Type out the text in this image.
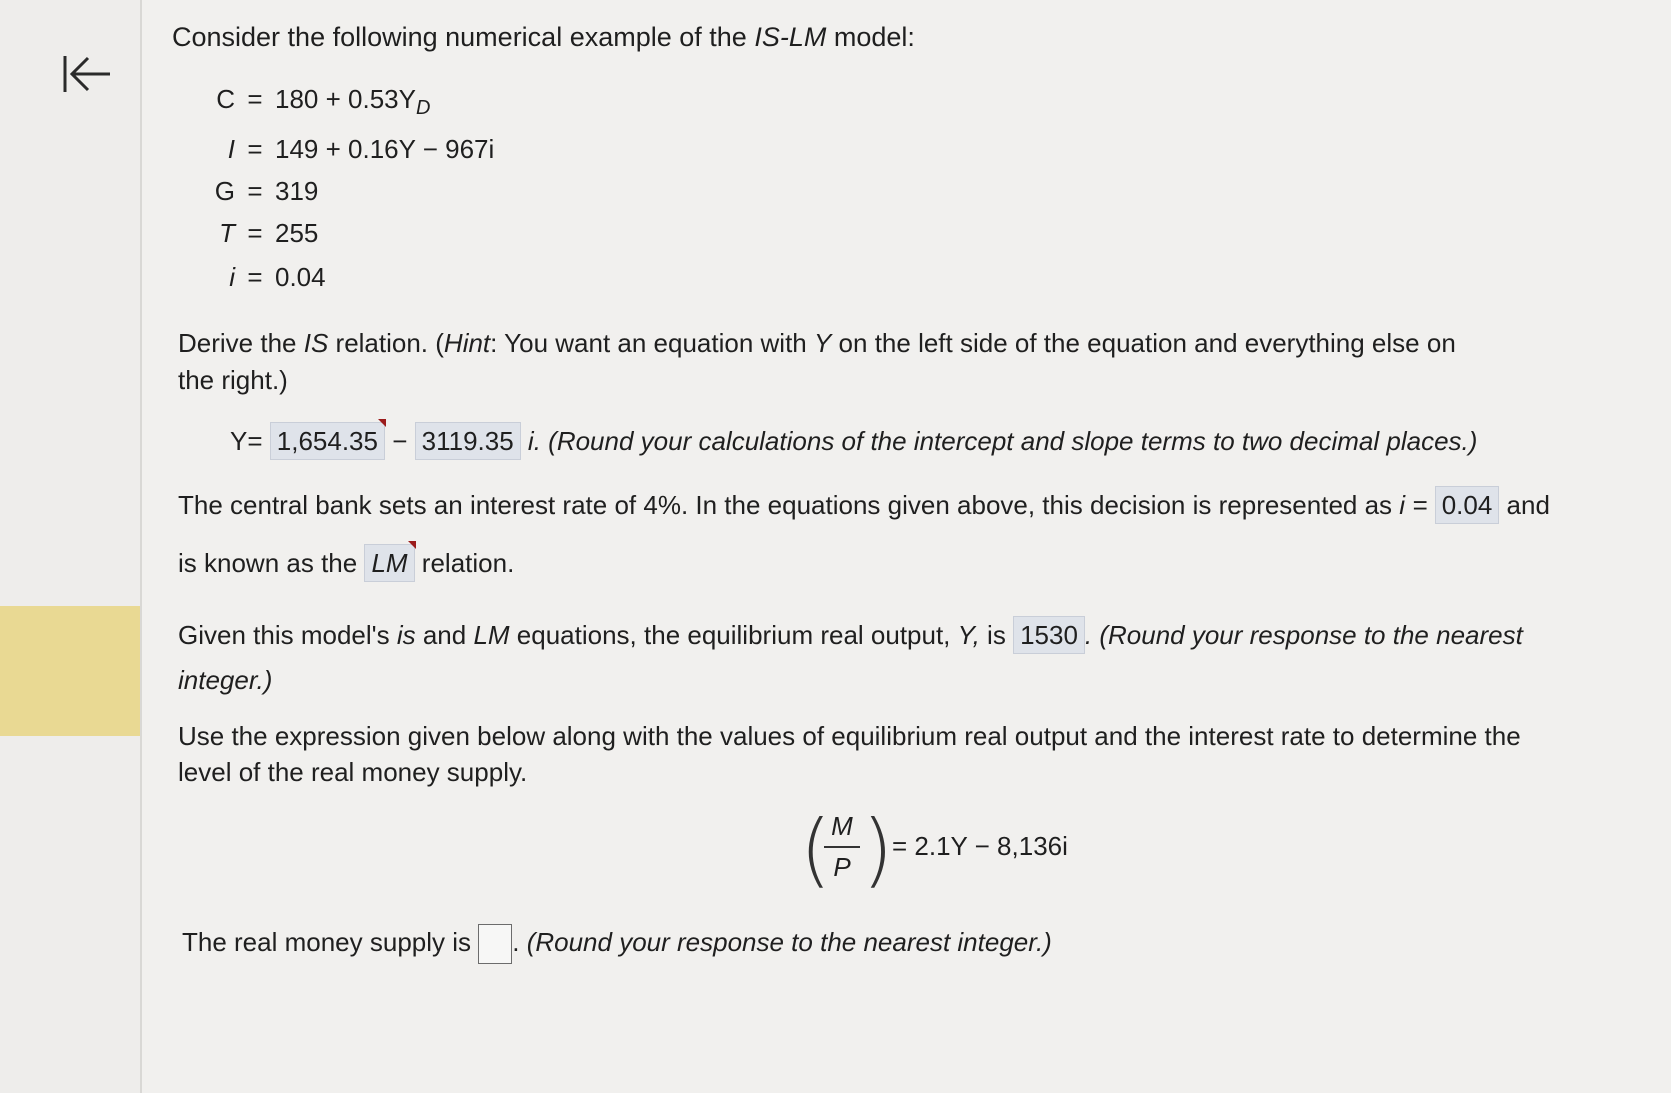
Consider the following numerical example of the IS-LM model:
$C = 180 + 0.53Y_D$
I = 149 + 0.16Y − 967i
G = 319
T = 255
i = 0.04
Derive the IS relation. (Hint: You want an equation with Y on the left side of the equation and everything else on
the right.)
Y= 1,654.35 − 3119.35 i. (Round your calculations of the intercept and slope terms to two decimal places.)
The central bank sets an interest rate of 4%. In the equations given above, this decision is represented as i = 0.04 and
is known as the LM relation.
Given this model's is and LM equations, the equilibrium real output, Y, is 1530 . (Round your response to the nearest
integer.)
Use the expression given below along with the values of equilibrium real output and the interest rate to determine the
level of the real money supply.
( M
P )
= 2.1Y − 8,136i
The real money supply is . (Round your response to the nearest integer.)
